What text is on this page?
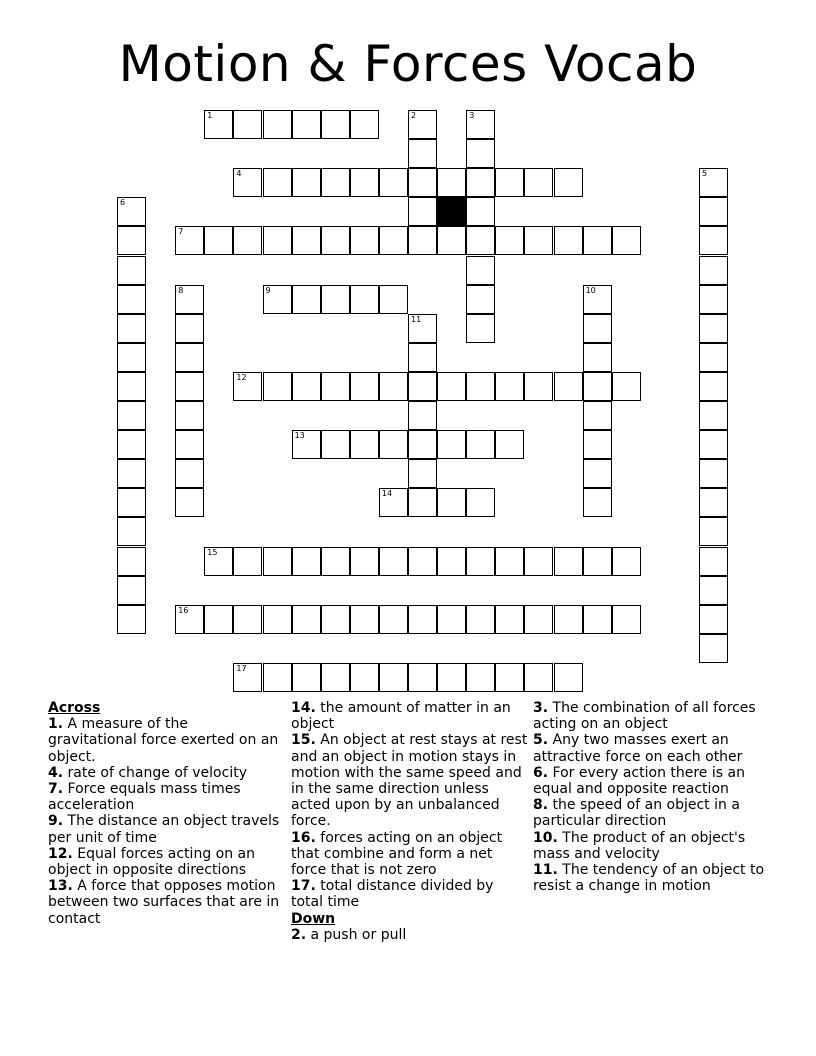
Motion & Forces Vocab
1	2	3
4	5
6
7
8	9	10
11
12
13
14
15
16
17
Across
1. A measure of the gravitational force exerted on an object.
4. rate of change of velocity
7. Force equals mass times acceleration
9. The distance an object travels per unit of time
12. Equal forces acting on an object in opposite directions
13. A force that opposes motion between two surfaces that are in contact
14. the amount of matter in an object
15. An object at rest stays at rest and an object in motion stays in motion with the same speed and in the same direction unless acted upon by an unbalanced force.
16. forces acting on an object that combine and form a net force that is not zero
17. total distance divided by total time
Down
2. a push or pull
3. The combination of all forces acting on an object
5. Any two masses exert an attractive force on each other
6. For every action there is an equal and opposite reaction
8. the speed of an object in a particular direction
10. The product of an object's mass and velocity
11. The tendency of an object to resist a change in motion
